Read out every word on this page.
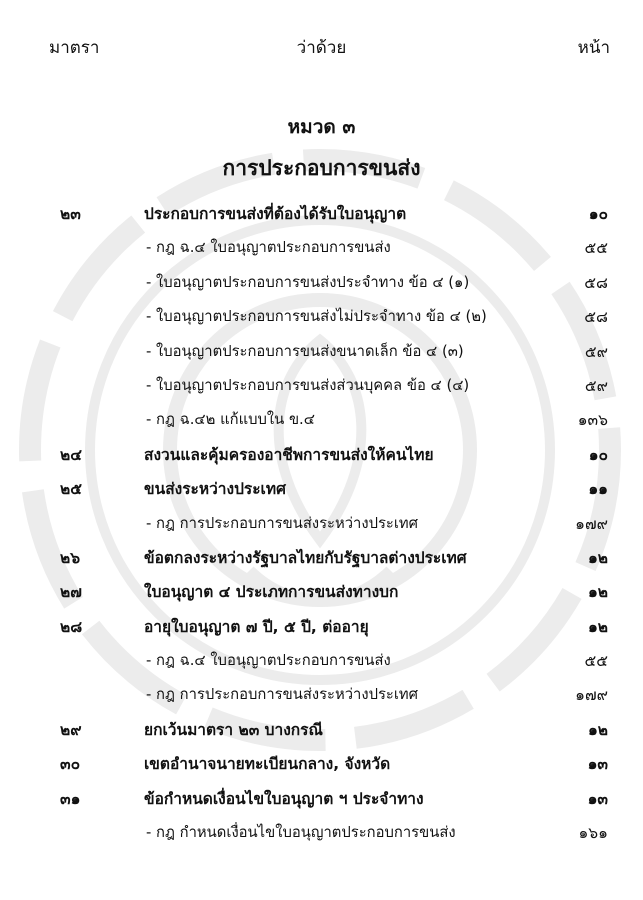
มาตรา	ว่าด้วย	หน้า
หมวด ๓
การประกอบการขนส่ง
๒๓	ประกอบการขนส่งที่ต้องได้รับใบอนุญาต	๑๐
- กฎ ฉ.๔ ใบอนุญาตประกอบการขนส่ง	๕๕
- ใบอนุญาตประกอบการขนส่งประจำทาง ข้อ ๔ (๑)	๕๘
- ใบอนุญาตประกอบการขนส่งไม่ประจำทาง ข้อ ๔ (๒)	๕๘
- ใบอนุญาตประกอบการขนส่งขนาดเล็ก ข้อ ๔ (๓)	๕๙
- ใบอนุญาตประกอบการขนส่งส่วนบุคคล ข้อ ๔ (๔)	๕๙
- กฎ ฉ.๔๒ แก้แบบใน ข.๔	๑๓๖
๒๔	สงวนและคุ้มครองอาชีพการขนส่งให้คนไทย	๑๐
๒๕	ขนส่งระหว่างประเทศ	๑๑
- กฎ การประกอบการขนส่งระหว่างประเทศ	๑๗๙
๒๖	ข้อตกลงระหว่างรัฐบาลไทยกับรัฐบาลต่างประเทศ	๑๒
๒๗	ใบอนุญาต ๔ ประเภทการขนส่งทางบก	๑๒
๒๘	อายุใบอนุญาต ๗ ปี, ๕ ปี, ต่ออายุ	๑๒
- กฎ ฉ.๔ ใบอนุญาตประกอบการขนส่ง	๕๕
- กฎ การประกอบการขนส่งระหว่างประเทศ	๑๗๙
๒๙	ยกเว้นมาตรา ๒๓ บางกรณี	๑๒
๓๐	เขตอำนาจนายทะเบียนกลาง, จังหวัด	๑๓
๓๑	ข้อกำหนดเงื่อนไขใบอนุญาต ฯ ประจำทาง	๑๓
- กฎ กำหนดเงื่อนไขใบอนุญาตประกอบการขนส่ง	๑๖๑
